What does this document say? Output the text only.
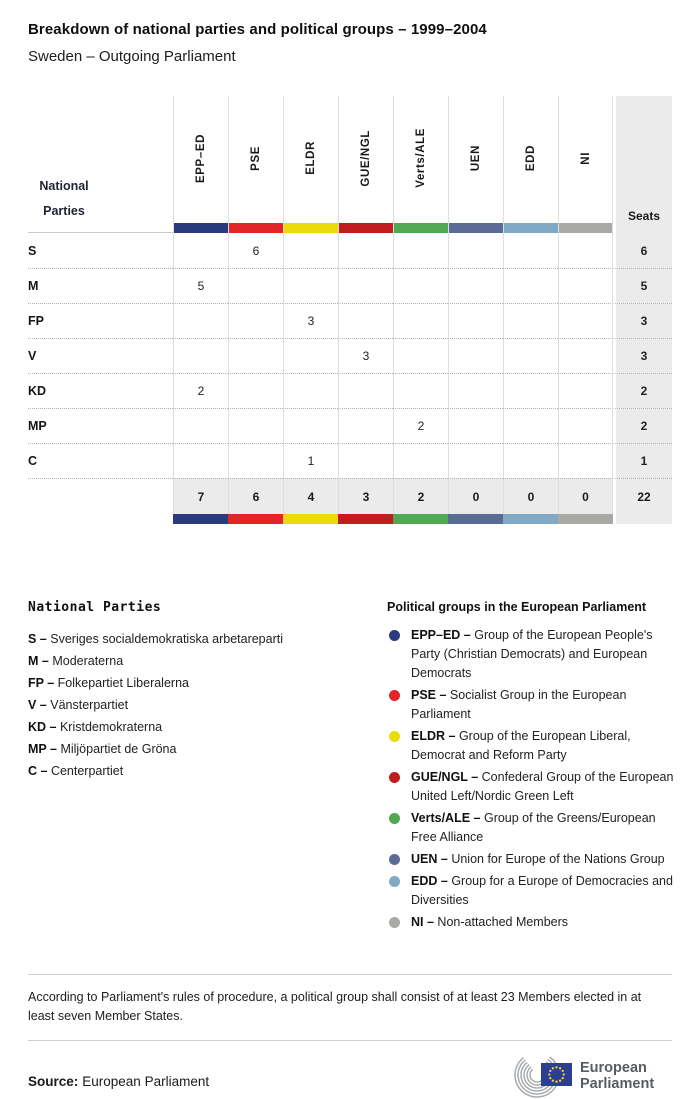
Breakdown of national parties and political groups – 1999–2004
Sweden – Outgoing Parliament
National Parties	EPP–ED	PSE	ELDR	GUE/NGL	Verts/ALE	UEN	EDD	NI	Seats

S		6							6
M	5								5
FP			3						3
V				3					3
KD	2								2
MP					2				2
C			1						1
	7	6	4	3	2	0	0	0	22

National Parties
S – Sveriges socialdemokratiska arbetareparti
M – Moderaterna
FP – Folkepartiet Liberalerna
V – Vänsterpartiet
KD – Kristdemokraterna
MP – Miljöpartiet de Gröna
C – Centerpartiet
Political groups in the European Parliament
EPP–ED – Group of the European People's Party (Christian Democrats) and European Democrats
PSE – Socialist Group in the European Parliament
ELDR – Group of the European Liberal, Democrat and Reform Party
GUE/NGL – Confederal Group of the European United Left/Nordic Green Left
Verts/ALE – Group of the Greens/European Free Alliance
UEN – Union for Europe of the Nations Group
EDD – Group for a Europe of Democracies and Diversities
NI – Non-attached Members

According to Parliament's rules of procedure, a political group shall consist of at least 23 Members elected in at least seven Member States.

Source: European Parliament
European
Parliament
